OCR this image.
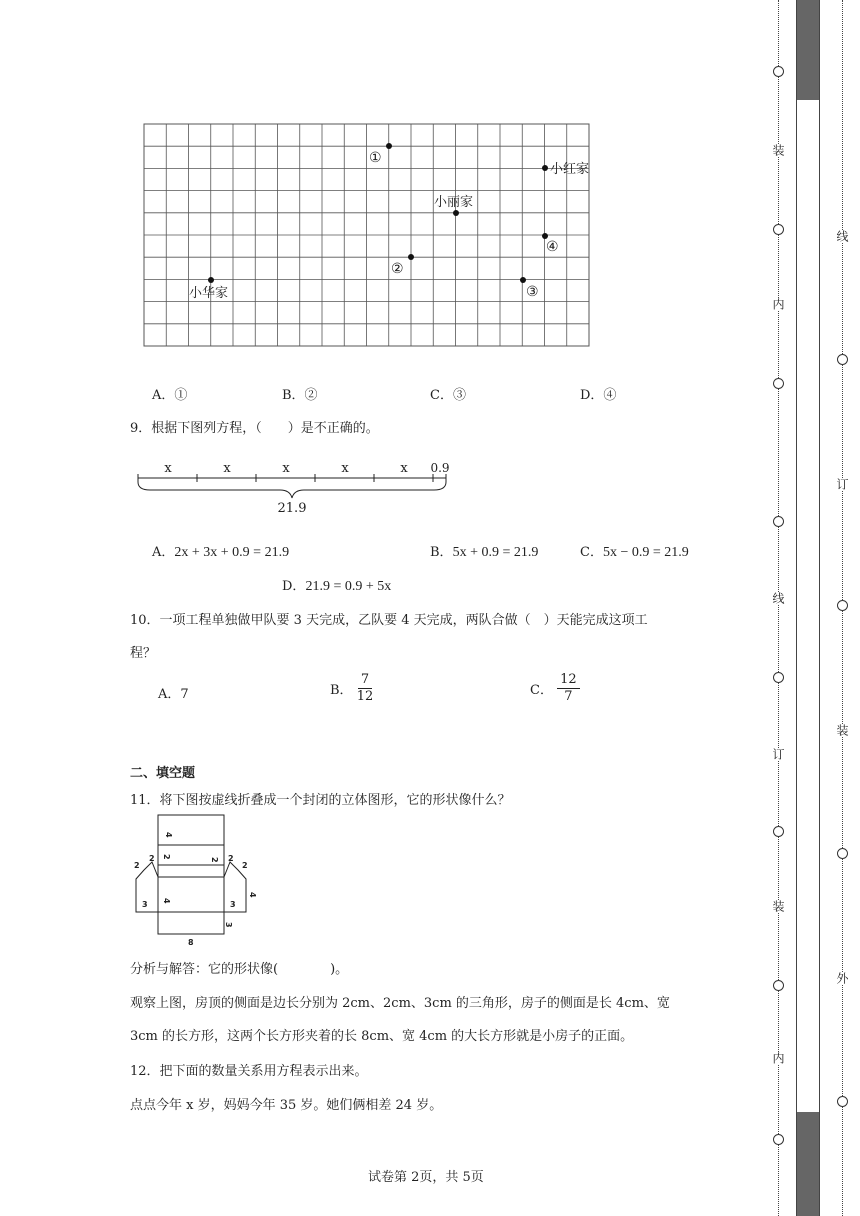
①
小红家
小丽家
④
②
小华家	③
A．①	B．②	C．③	D．④
9．根据下图列方程，（　　）是不正确的。
x	x	x	x	x 0.9
21.9
A．2x + 3x + 0.9 = 21.9	B．5x + 0.9 = 21.9	C．5x − 0.9 = 21.9
D．21.9 = 0.9 + 5x
10．一项工程单独做甲队要 3 天完成，乙队要 4 天完成，两队合做（　）天能完成这项工
程？
A．7	B． $\frac{7}{12}$	C． $\frac{12}{7}$
二、填空题
11．将下图按虚线折叠成一个封闭的立体图形，它的形状像什么？
4
2
2
4
2
2	2
2
3	3
4
3
8
分析与解答：它的形状像(　　　　)。
观察上图，房顶的侧面是边长分别为 2cm、2cm、3cm 的三角形，房子的侧面是长 4cm、宽
3cm 的长方形，这两个长方形夹着的长 8cm、宽 4cm 的大长方形就是小房子的正面。
12．把下面的数量关系用方程表示出来。
点点今年 x 岁，妈妈今年 35 岁。她们俩相差 24 岁。
试卷第 2页，共 5页
装
内
线
订
装
内
线
订
装
外
